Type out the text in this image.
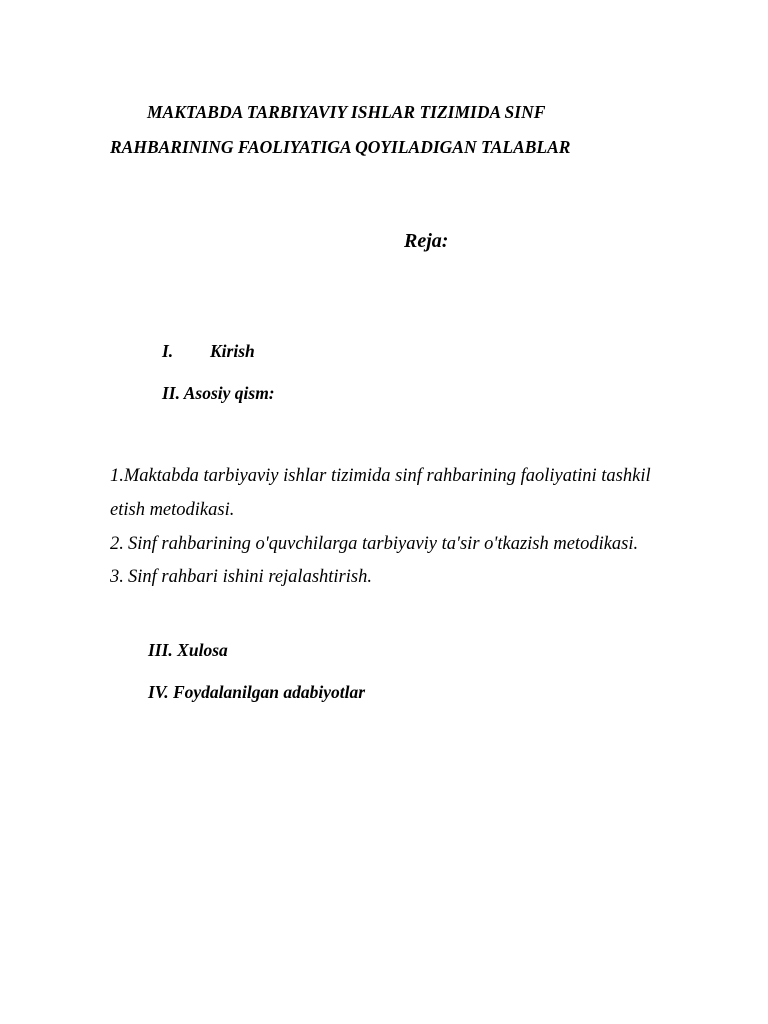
MAKTABDA TARBIYAVIY ISHLAR TIZIMIDA SINF

RAHBARINING FAOLIYATIGA QOYILADIGAN TALABLAR

Reja:

I. Kirish

II. Asosiy qism:

1.Maktabda tarbiyaviy ishlar tizimida sinf rahbarining faoliyatini tashkil

etish metodikasi.

2. Sinf rahbarining o'quvchilarga tarbiyaviy ta'sir o'tkazish metodikasi.

3. Sinf rahbari ishini rejalashtirish.

III. Xulosa

IV. Foydalanilgan adabiyotlar
